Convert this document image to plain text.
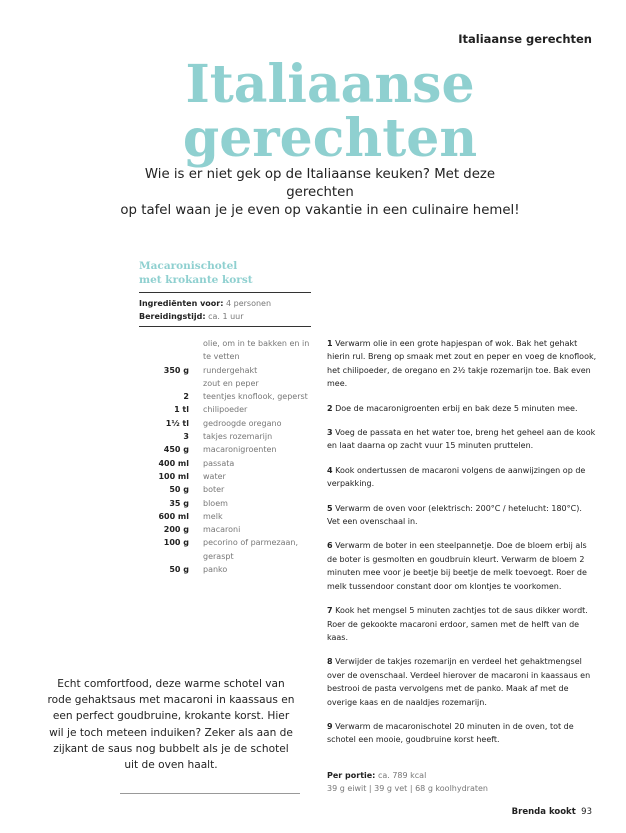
Italiaanse gerechten
Italiaanse
gerechten
Wie is er niet gek op de Italiaanse keuken? Met deze gerechten
op tafel waan je je even op vakantie in een culinaire hemel!
Macaronischotel
met krokante korst
Ingrediënten voor: 4 personen
Bereidingstijd: ca. 1 uur
olie, om in te bakken en in
te vetten
350 g rundergehakt
zout en peper
2 teentjes knoflook, geperst
1 tl chilipoeder
1½ tl gedroogde oregano
3 takjes rozemarijn
450 g macaronigroenten
400 ml passata
100 ml water
50 g boter
35 g bloem
600 ml melk
200 g macaroni
100 g pecorino of parmezaan,
geraspt
50 g panko
1 Verwarm olie in een grote hapjespan of wok. Bak het gehakt hierin rul. Breng op smaak met zout en peper en voeg de knoflook, het chilipoeder, de oregano en 2½ takje rozemarijn toe. Bak even mee.
2 Doe de macaronigroenten erbij en bak deze 5 minuten mee.
3 Voeg de passata en het water toe, breng het geheel aan de kook en laat daarna op zacht vuur 15 minuten pruttelen.
4 Kook ondertussen de macaroni volgens de aanwijzingen op de verpakking.
5 Verwarm de oven voor (elektrisch: 200°C / hetelucht: 180°C). Vet een ovenschaal in.
6 Verwarm de boter in een steelpannetje. Doe de bloem erbij als de boter is gesmolten en goudbruin kleurt. Verwarm de bloem 2 minuten mee voor je beetje bij beetje de melk toevoegt. Roer de melk tussendoor constant door om klontjes te voorkomen.
7 Kook het mengsel 5 minuten zachtjes tot de saus dikker wordt. Roer de gekookte macaroni erdoor, samen met de helft van de kaas.
8 Verwijder de takjes rozemarijn en verdeel het gehaktmengsel over de ovenschaal. Verdeel hierover de macaroni in kaassaus en bestrooi de pasta vervolgens met de panko. Maak af met de overige kaas en de naaldjes rozemarijn.
9 Verwarm de macaronischotel 20 minuten in de oven, tot de schotel een mooie, goudbruine korst heeft.
Per portie: ca. 789 kcal
39 g eiwit | 39 g vet | 68 g koolhydraten
Echt comfortfood, deze warme schotel van
rode gehaktsaus met macaroni in kaassaus en
een perfect goudbruine, krokante korst. Hier
wil je toch meteen induiken? Zeker als aan de
zijkant de saus nog bubbelt als je de schotel
uit de oven haalt.
Brenda kookt 93
